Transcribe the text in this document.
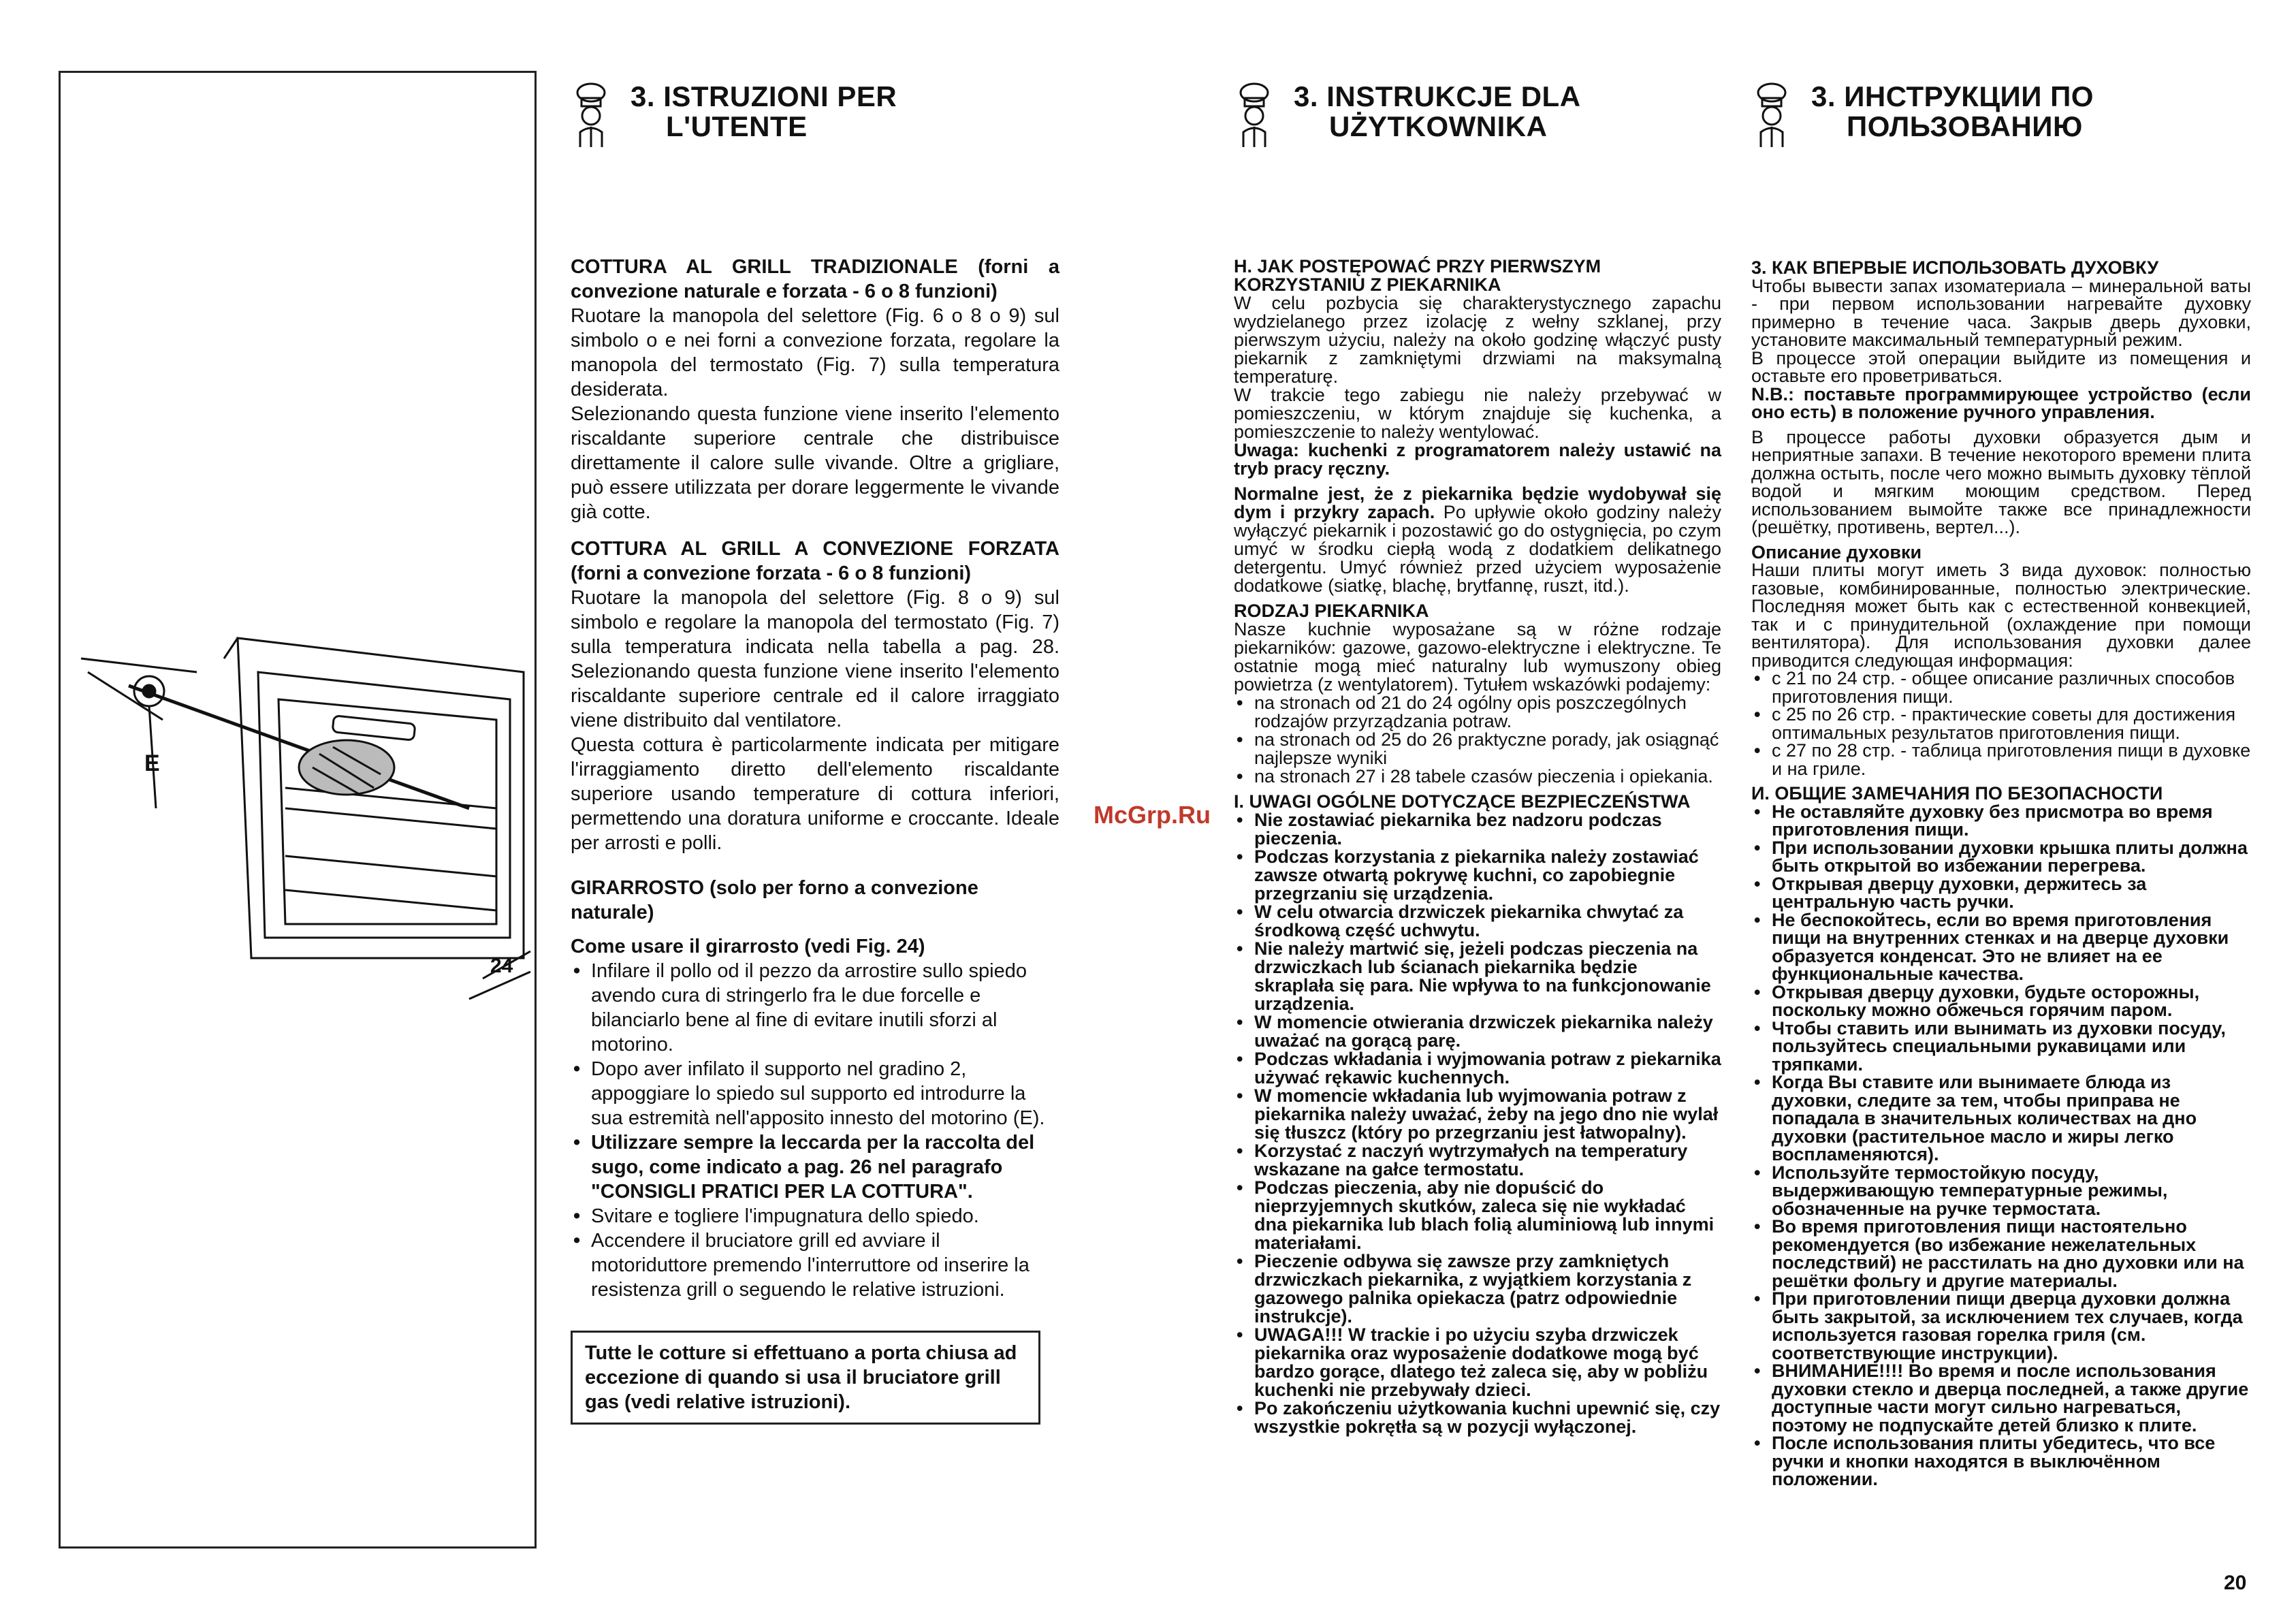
E
24
3. ISTRUZIONI PER
L'UTENTE

COTTURA AL GRILL TRADIZIONALE (forni a convezione naturale e forzata - 6 o 8 funzioni)

Ruotare la manopola del selettore (Fig. 6 o 8 o 9) sul simbolo o e nei forni a convezione forzata, regolare la manopola del termostato (Fig. 7) sulla temperatura desiderata.

Selezionando questa funzione viene inserito l'elemento riscaldante superiore centrale che distribuisce direttamente il calore sulle vivande. Oltre a grigliare, può essere utilizzata per dorare leggermente le vivande già cotte.

COTTURA AL GRILL A CONVEZIONE FORZATA (forni a convezione forzata - 6 o 8 funzioni)

Ruotare la manopola del selettore (Fig. 8 o 9) sul simbolo e regolare la manopola del termostato (Fig. 7) sulla temperatura indicata nella tabella a pag. 28. Selezionando questa funzione viene inserito l'elemento riscaldante superiore centrale ed il calore irraggiato viene distribuito dal ventilatore.

Questa cottura è particolarmente indicata per mitigare l'irraggiamento diretto dell'elemento riscaldante superiore usando temperature di cottura inferiori, permettendo una doratura uniforme e croccante. Ideale per arrosti e polli.

GIRARROSTO (solo per forno a convezione naturale)

Come usare il girarrosto (vedi Fig. 24)

• Infilare il pollo od il pezzo da arrostire sullo spiedo avendo cura di stringerlo fra le due forcelle e bilanciarlo bene al fine di evitare inutili sforzi al motorino.
• Dopo aver infilato il supporto nel gradino 2, appoggiare lo spiedo sul supporto ed introdurre la sua estremità nell'apposito innesto del motorino (E).
• Utilizzare sempre la leccarda per la raccolta del sugo, come indicato a pag. 26 nel paragrafo "CONSIGLI PRATICI PER LA COTTURA".
• Svitare e togliere l'impugnatura dello spiedo.
• Accendere il bruciatore grill ed avviare il motoriduttore premendo l'interruttore od inserire la resistenza grill o seguendo le relative istruzioni.

Tutte le cotture si effettuano a porta chiusa ad eccezione di quando si usa il bruciatore grill gas (vedi relative istruzioni).

3. INSTRUKCJE DLA
UŻYTKOWNIKA

H. JAK POSTĘPOWAĆ PRZY PIERWSZYM KORZYSTANIU Z PIEKARNIKA

W celu pozbycia się charakterystycznego zapachu wydzielanego przez izolację z wełny szklanej, przy pierwszym użyciu, należy na około godzinę włączyć pusty piekarnik z zamkniętymi drzwiami na maksymalną temperaturę.

W trakcie tego zabiegu nie należy przebywać w pomieszczeniu, w którym znajduje się kuchenka, a pomieszczenie to należy wentylować.

Uwaga: kuchenki z programatorem należy ustawić na tryb pracy ręczny.

Normalne jest, że z piekarnika będzie wydobywał się dym i przykry zapach. Po upływie około godziny należy wyłączyć piekarnik i pozostawić go do ostygnięcia, po czym umyć w środku ciepłą wodą z dodatkiem delikatnego detergentu. Umyć również przed użyciem wyposażenie dodatkowe (siatkę, blachę, brytfannę, ruszt, itd.).

RODZAJ PIEKARNIKA

Nasze kuchnie wyposażane są w różne rodzaje piekarników: gazowe, gazowo-elektryczne i elektryczne. Te ostatnie mogą mieć naturalny lub wymuszony obieg powietrza (z wentylatorem). Tytułem wskazówki podajemy:

• na stronach od 21 do 24 ogólny opis poszczególnych rodzajów przyrządzania potraw.
• na stronach od 25 do 26 praktyczne porady, jak osiągnąć najlepsze wyniki
• na stronach 27 i 28 tabele czasów pieczenia i opiekania.

I. UWAGI OGÓLNE DOTYCZĄCE BEZPIECZEŃSTWA

• Nie zostawiać piekarnika bez nadzoru podczas pieczenia.
• Podczas korzystania z piekarnika należy zostawiać zawsze otwartą pokrywę kuchni, co zapobiegnie przegrzaniu się urządzenia.
• W celu otwarcia drzwiczek piekarnika chwytać za środkową część uchwytu.
• Nie należy martwić się, jeżeli podczas pieczenia na drzwiczkach lub ścianach piekarnika będzie skraplała się para. Nie wpływa to na funkcjonowanie urządzenia.
• W momencie otwierania drzwiczek piekarnika należy uważać na gorącą parę.
• Podczas wkładania i wyjmowania potraw z piekarnika używać rękawic kuchennych.
• W momencie wkładania lub wyjmowania potraw z piekarnika należy uważać, żeby na jego dno nie wylał się tłuszcz (który po przegrzaniu jest łatwopalny).
• Korzystać z naczyń wytrzymałych na temperatury wskazane na gałce termostatu.
• Podczas pieczenia, aby nie dopuścić do nieprzyjemnych skutków, zaleca się nie wykładać dna piekarnika lub blach folią aluminiową lub innymi materiałami.
• Pieczenie odbywa się zawsze przy zamkniętych drzwiczkach piekarnika, z wyjątkiem korzystania z gazowego palnika opiekacza (patrz odpowiednie instrukcje).
• UWAGA!!! W trackie i po użyciu szyba drzwiczek piekarnika oraz wyposażenie dodatkowe mogą być bardzo gorące, dlatego też zaleca się, aby w pobliżu kuchenki nie przebywały dzieci.
• Po zakończeniu użytkowania kuchni upewnić się, czy wszystkie pokrętła są w pozycji wyłączonej.
3. ИНСТРУКЦИИ ПО
ПОЛЬЗОВАНИЮ

3. КАК ВПЕРВЫЕ ИСПОЛЬЗОВАТЬ ДУХОВКУ

Чтобы вывести запах изоматериала – минеральной ваты - при первом использовании нагревайте духовку примерно в течение часа. Закрыв дверь духовки, установите максимальный температурный режим.

В процессе этой операции выйдите из помещения и оставьте его проветриваться.

N.B.: поставьте программирующее устройство (если оно есть) в положение ручного управления.

В процессе работы духовки образуется дым и неприятные запахи. В течение некоторого времени плита должна остыть, после чего можно вымыть духовку тёплой водой и мягким моющим средством. Перед использованием вымойте также все принадлежности (решётку, противень, вертел...).

Описание духовки

Наши плиты могут иметь 3 вида духовок: полностью газовые, комбинированные, полностью электрические. Последняя может быть как с естественной конвекцией, так и с принудительной (охлаждение при помощи вентилятора). Для использования духовки далее приводится следующая информация:

• с 21 по 24 стр. - общее описание различных способов приготовления пищи.
• с 25 по 26 стр. - практические советы для достижения оптимальных результатов приготовления пищи.
• с 27 по 28 стр. - таблица приготовления пищи в духовке и на гриле.

И. ОБЩИЕ ЗАМЕЧАНИЯ ПО БЕЗОПАСНОСТИ

• Не оставляйте духовку без присмотра во время приготовления пищи.
• При использовании духовки крышка плиты должна быть открытой во избежании перегрева.
• Открывая дверцу духовки, держитесь за центральную часть ручки.
• Не беспокойтесь, если во время приготовления пищи на внутренних стенках и на дверце духовки образуется конденсат. Это не влияет на ее функциональные качества.
• Открывая дверцу духовки, будьте осторожны, поскольку можно обжечься горячим паром.
• Чтобы ставить или вынимать из духовки посуду, пользуйтесь специальными рукавицами или тряпками.
• Когда Вы ставите или вынимаете блюда из духовки, следите за тем, чтобы приправа не попадала в значительных количествах на дно духовки (растительное масло и жиры легко воспламеняются).
• Используйте термостойкую посуду, выдерживающую температурные режимы, обозначенные на ручке термостата.
• Во время приготовления пищи настоятельно рекомендуется (во избежание нежелательных последствий) не расстилать на дно духовки или на решётки фольгу и другие материалы.
• При приготовлении пищи дверца духовки должна быть закрытой, за исключением тех случаев, когда используется газовая горелка гриля (см. соответствующие инструкции).
• ВНИМАНИЕ!!!! Во время и после использования духовки стекло и дверца последней, а также другие доступные части могут сильно нагреваться, поэтому не подпускайте детей близко к плите.
• После использования плиты убедитесь, что все ручки и кнопки находятся в выключённом положении.
McGrp.Ru
20
